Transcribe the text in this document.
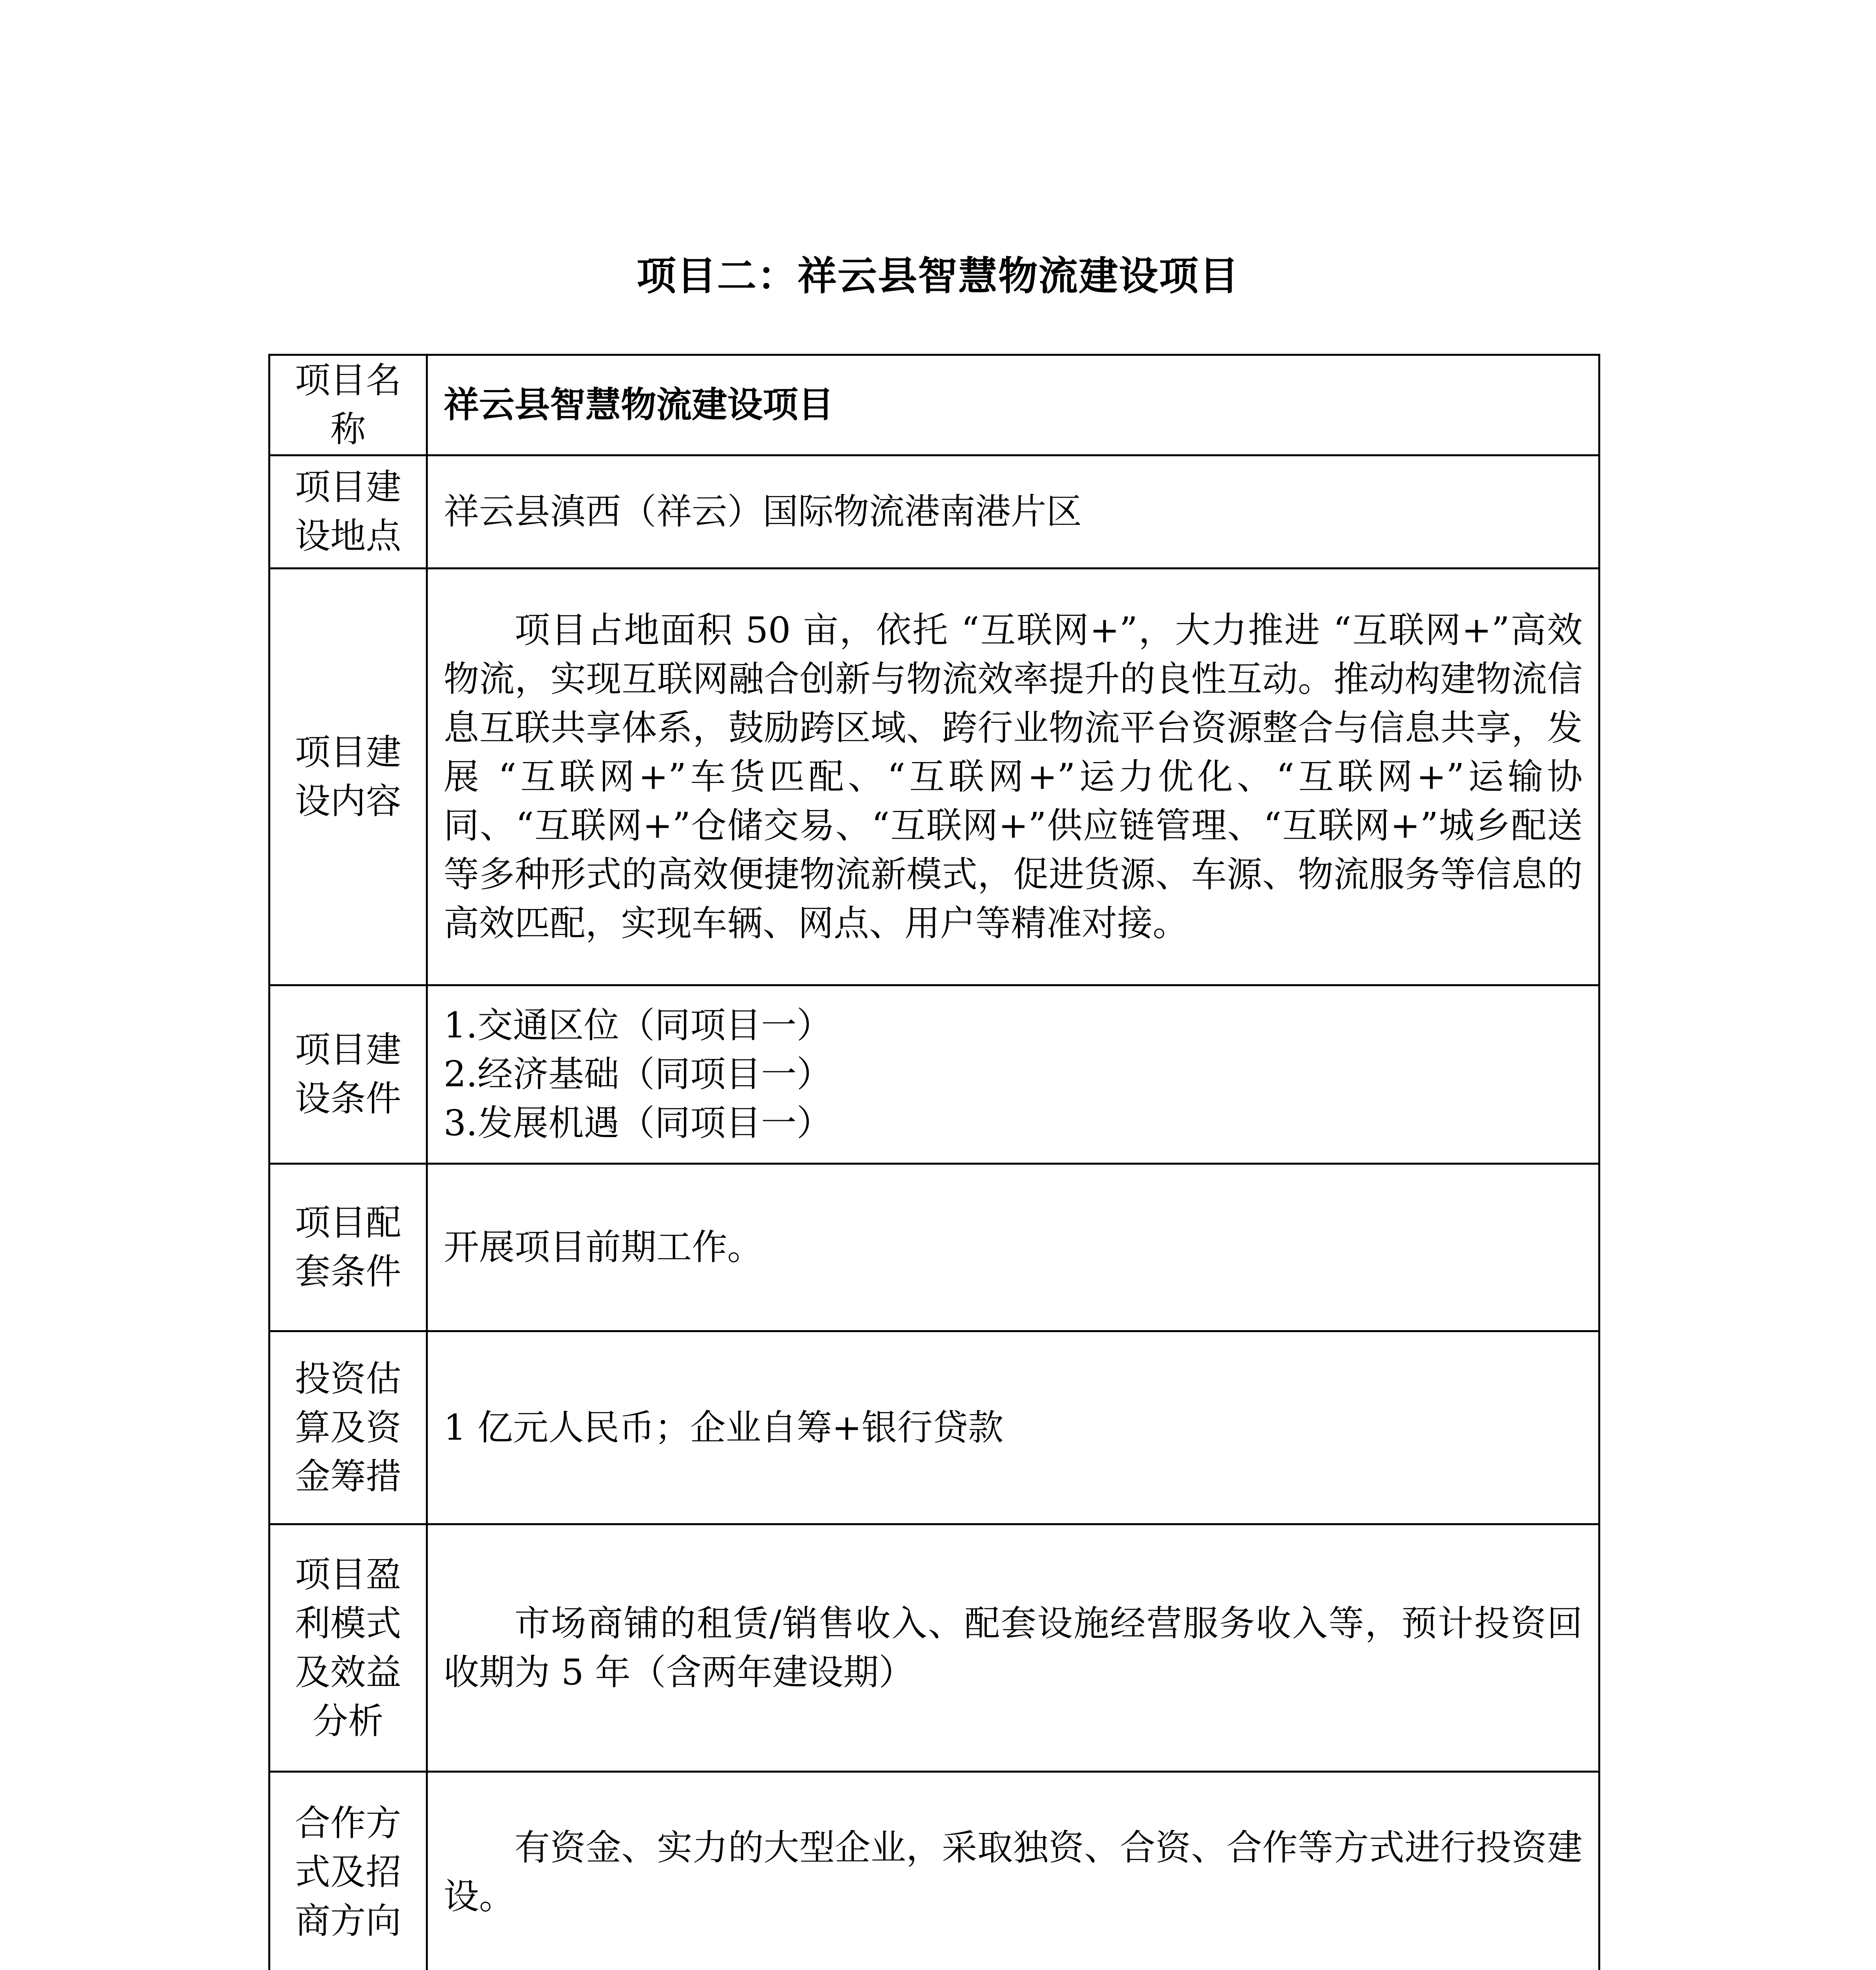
项目二：祥云县智慧物流建设项目
项目名称	祥云县智慧物流建设项目

项目建设地点	祥云县滇西（祥云）国际物流港南港片区

项目建设内容	项目占地面积 50 亩，依托 “互联网+”，大力推进 “互联网+”高效物流，实现互联网融合创新与物流效率提升的良性互动。推动构建物流信息互联共享体系，鼓励跨区域、跨行业物流平台资源整合与信息共享，发展 “互联网+”车货匹配、“互联网+”运力优化、“互联网+”运输协同、“互联网+”仓储交易、“互联网+”供应链管理、“互联网+”城乡配送等多种形式的高效便捷物流新模式，促进货源、车源、物流服务等信息的高效匹配，实现车辆、网点、用户等精准对接。

项目建设条件	1.交通区位（同项目一）
2.经济基础（同项目一）
3.发展机遇（同项目一）

项目配套条件	开展项目前期工作。

投资估算及资金筹措	1 亿元人民币；企业自筹+银行贷款

项目盈利模式及效益分析	市场商铺的租赁/销售收入、配套设施经营服务收入等，预计投资回收期为 5 年（含两年建设期）

合作方式及招商方向	有资金、实力的大型企业，采取独资、合资、合作等方式进行投资建设。
